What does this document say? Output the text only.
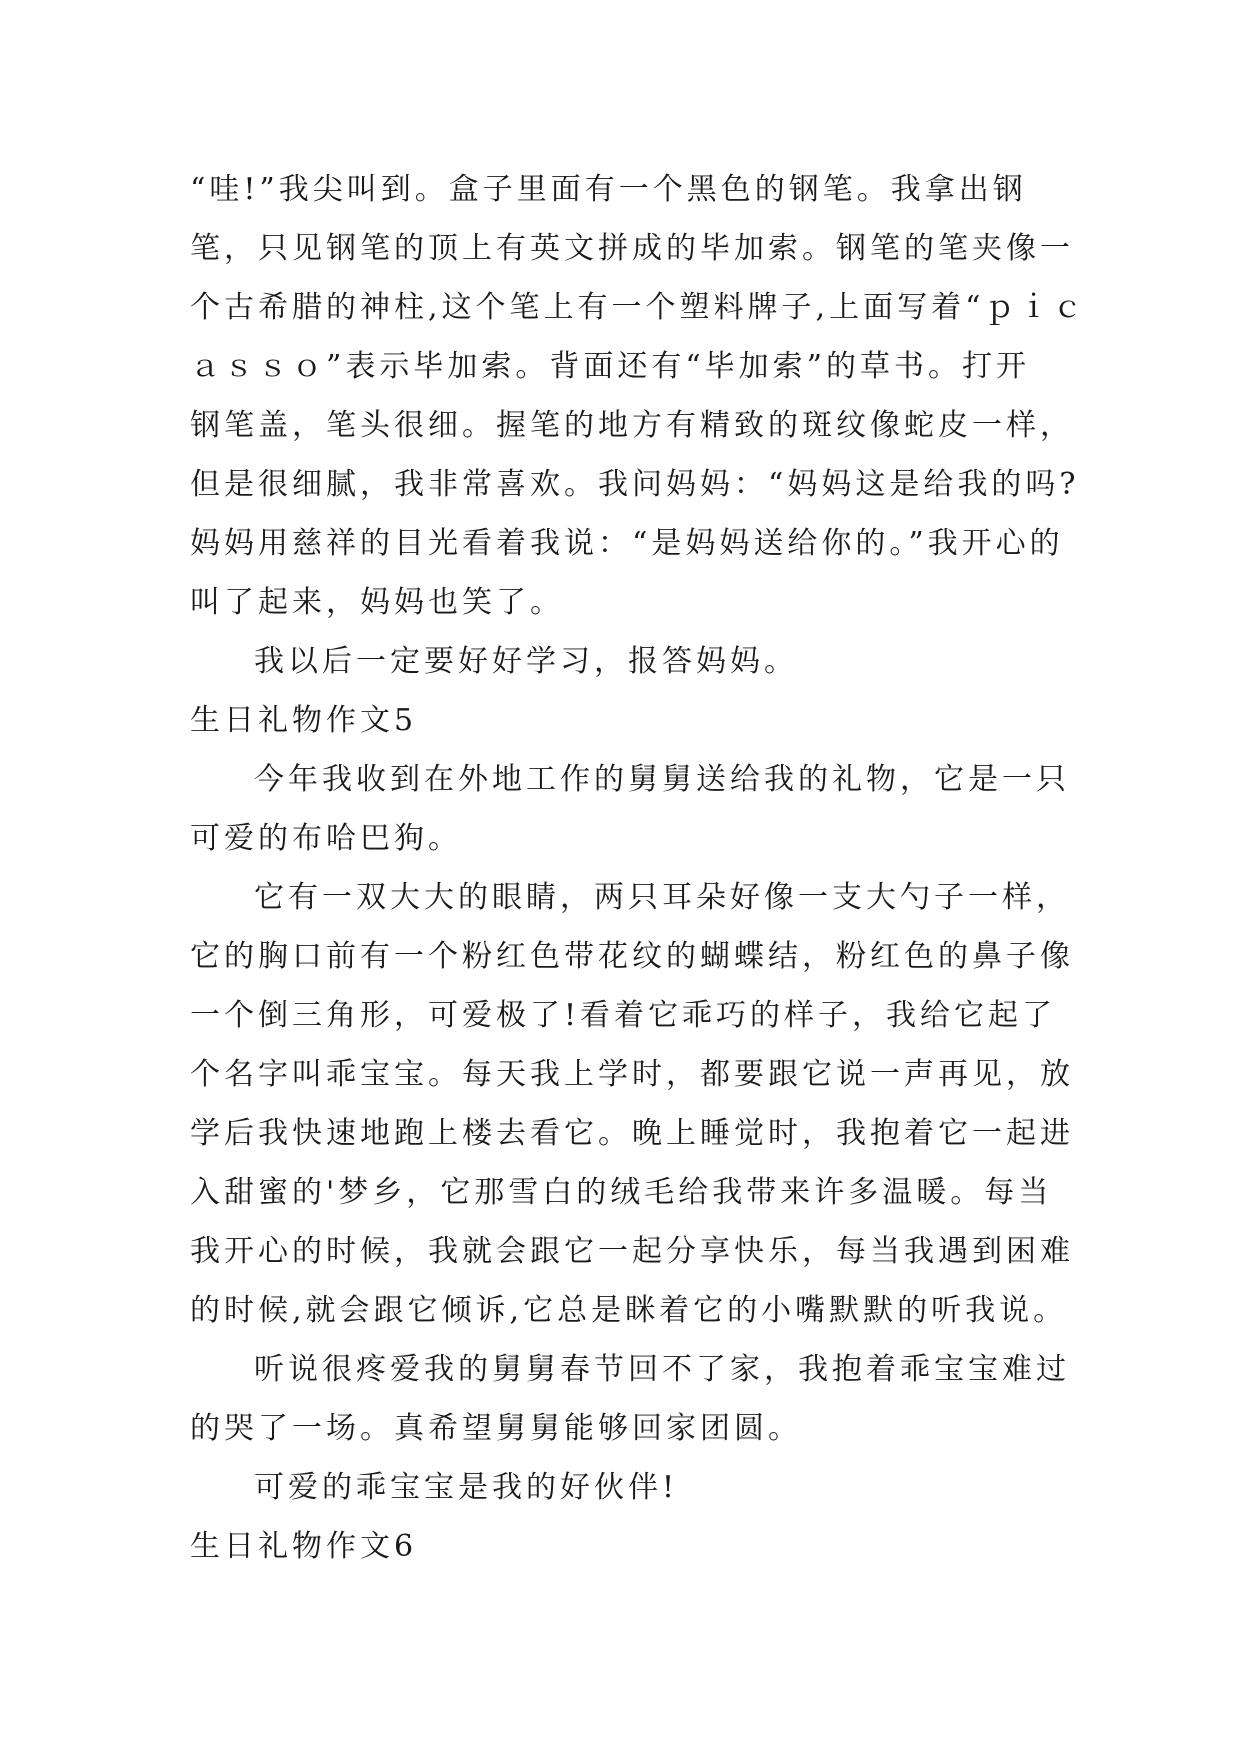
“哇!”我尖叫到。盒子里面有一个黑色的钢笔。我拿出钢
笔，只见钢笔的顶上有英文拼成的毕加索。钢笔的笔夹像一
个古希腊的神柱,这个笔上有一个塑料牌子,上面写着“ｐｉｃ
ａｓｓｏ”表示毕加索。背面还有“毕加索”的草书。打开
钢笔盖，笔头很细。握笔的地方有精致的斑纹像蛇皮一样，
但是很细腻，我非常喜欢。我问妈妈：“妈妈这是给我的吗?
妈妈用慈祥的目光看着我说：“是妈妈送给你的。”我开心的
叫了起来，妈妈也笑了。
我以后一定要好好学习，报答妈妈。
生日礼物作文5
今年我收到在外地工作的舅舅送给我的礼物，它是一只
可爱的布哈巴狗。
它有一双大大的眼睛，两只耳朵好像一支大勺子一样，
它的胸口前有一个粉红色带花纹的蝴蝶结，粉红色的鼻子像
一个倒三角形，可爱极了!看着它乖巧的样子，我给它起了
个名字叫乖宝宝。每天我上学时，都要跟它说一声再见，放
学后我快速地跑上楼去看它。晚上睡觉时，我抱着它一起进
入甜蜜的'梦乡，它那雪白的绒毛给我带来许多温暖。每当
我开心的时候，我就会跟它一起分享快乐，每当我遇到困难
的时候,就会跟它倾诉,它总是眯着它的小嘴默默的听我说。
听说很疼爱我的舅舅春节回不了家，我抱着乖宝宝难过
的哭了一场。真希望舅舅能够回家团圆。
可爱的乖宝宝是我的好伙伴!
生日礼物作文6
